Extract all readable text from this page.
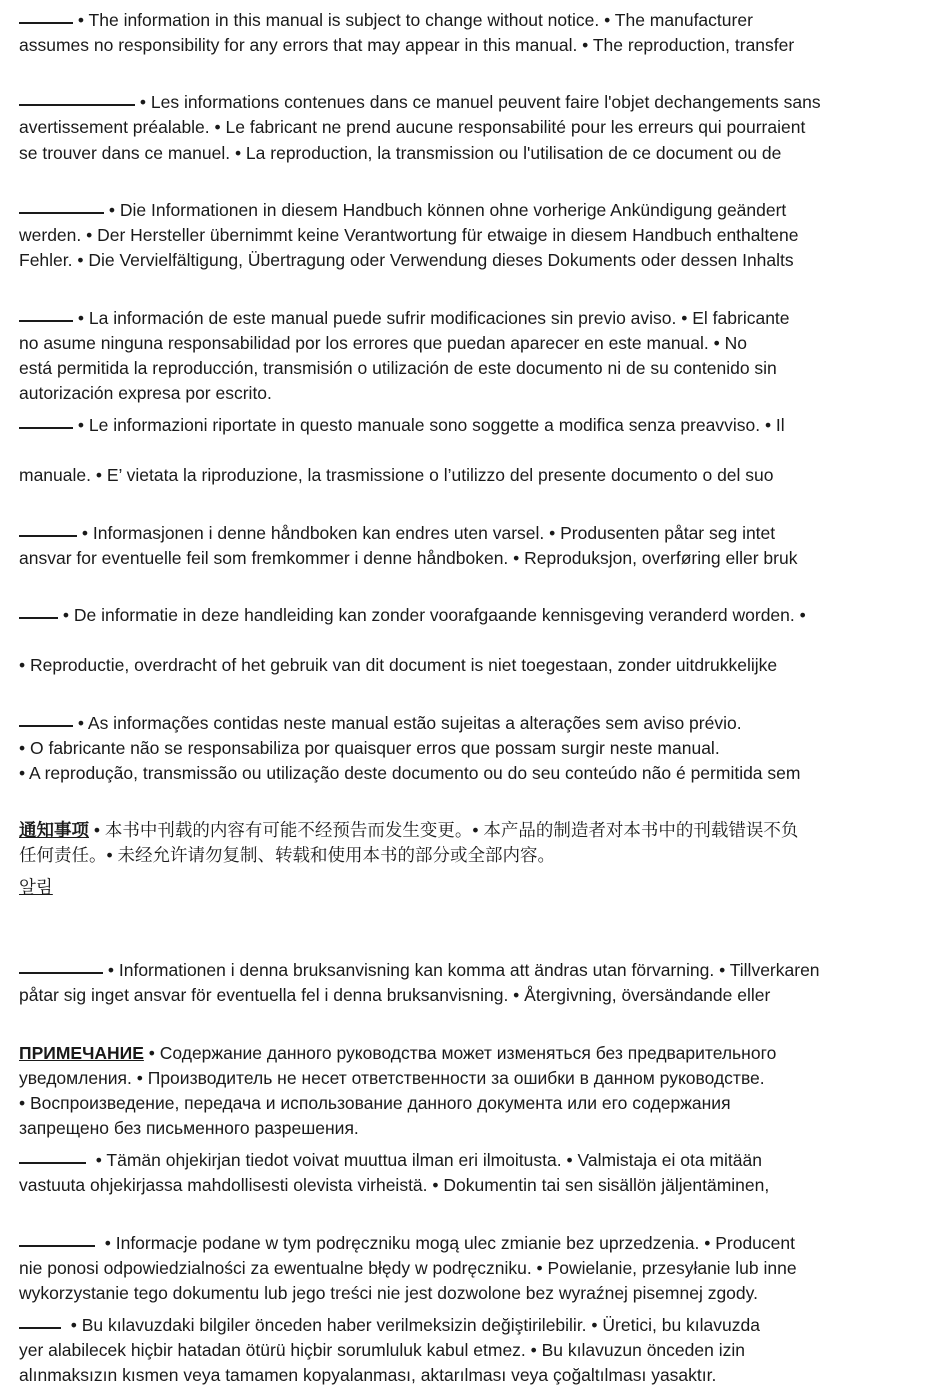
• The information in this manual is subject to change without notice. • The manufacturer
assumes no responsibility for any errors that may appear in this manual. • The reproduction, transfer
• Les informations contenues dans ce manuel peuvent faire l'objet dechangements sans
avertissement préalable. • Le fabricant ne prend aucune responsabilité pour les erreurs qui pourraient
se trouver dans ce manuel. • La reproduction, la transmission ou l'utilisation de ce document ou de
• Die Informationen in diesem Handbuch können ohne vorherige Ankündigung geändert
werden. • Der Hersteller übernimmt keine Verantwortung für etwaige in diesem Handbuch enthaltene
Fehler. • Die Vervielfältigung, Übertragung oder Verwendung dieses Dokuments oder dessen Inhalts
• La información de este manual puede sufrir modificaciones sin previo aviso. • El fabricante
no asume ninguna responsabilidad por los errores que puedan aparecer en este manual. • No
está permitida la reproducción, transmisión o utilización de este documento ni de su contenido sin
autorización expresa por escrito.
• Le informazioni riportate in questo manuale sono soggette a modifica senza preavviso. • Il
manuale. • E’ vietata la riproduzione, la trasmissione o l’utilizzo del presente documento o del suo
• Informasjonen i denne håndboken kan endres uten varsel. • Produsenten påtar seg intet
ansvar for eventuelle feil som fremkommer i denne håndboken. • Reproduksjon, overføring eller bruk
• De informatie in deze handleiding kan zonder voorafgaande kennisgeving veranderd worden. •
• Reproductie, overdracht of het gebruik van dit document is niet toegestaan, zonder uitdrukkelijke
• As informações contidas neste manual estão sujeitas a alterações sem aviso prévio.
• O fabricante não se responsabiliza por quaisquer erros que possam surgir neste manual.
• A reprodução, transmissão ou utilização deste documento ou do seu conteúdo não é permitida sem
通知事项 • 本书中刊载的内容有可能不经预告而发生变更。• 本产品的制造者对本书中的刊载错误不负
任何责任。• 未经允许请勿复制、转载和使用本书的部分或全部内容。
알림
• Informationen i denna bruksanvisning kan komma att ändras utan förvarning. • Tillverkaren
påtar sig inget ansvar för eventuella fel i denna bruksanvisning. • Återgivning, översändande eller
ПРИМЕЧАНИЕ • Содержание данного руководства может изменяться без предварительного
уведомления. • Производитель не несет ответственности за ошибки в данном руководстве.
• Воспроизведение, передача и использование данного документа или его содержания
запрещено без письменного разрешения.
• Tämän ohjekirjan tiedot voivat muuttua ilman eri ilmoitusta. • Valmistaja ei ota mitään
vastuuta ohjekirjassa mahdollisesti olevista virheistä. • Dokumentin tai sen sisällön jäljentäminen,
• Informacje podane w tym podręczniku mogą ulec zmianie bez uprzedzenia. • Producent
nie ponosi odpowiedzialności za ewentualne błędy w podręczniku. • Powielanie, przesyłanie lub inne
wykorzystanie tego dokumentu lub jego treści nie jest dozwolone bez wyraźnej pisemnej zgody.
• Bu kılavuzdaki bilgiler önceden haber verilmeksizin değiştirilebilir. • Üretici, bu kılavuzda
yer alabilecek hiçbir hatadan ötürü hiçbir sorumluluk kabul etmez. • Bu kılavuzun önceden izin
alınmaksızın kısmen veya tamamen kopyalanması, aktarılması veya çoğaltılması yasaktır.
